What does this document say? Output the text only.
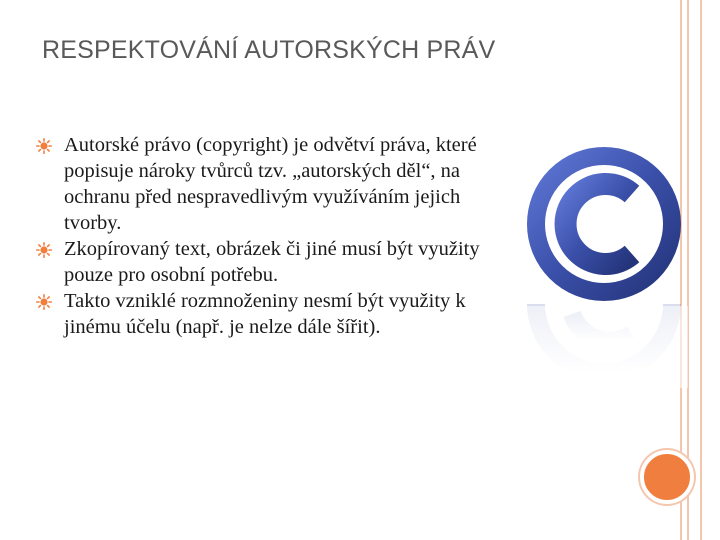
RESPEKTOVÁNÍ AUTORSKÝCH PRÁV
Autorské právo (copyright) je odvětví práva, které popisuje nároky tvůrců tzv. „autorských děl“, na ochranu před nespravedlivým využíváním jejich tvorby.
Zkopírovaný text, obrázek či jiné musí být využity pouze pro osobní potřebu.
Takto vzniklé rozmnoženiny nesmí být využity k jinému účelu (např. je nelze dále šířit).
